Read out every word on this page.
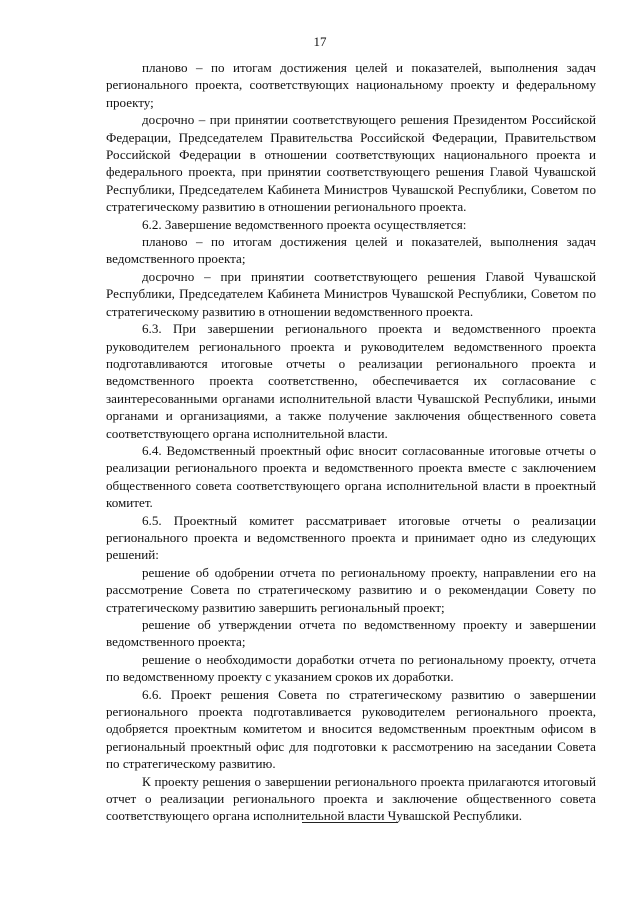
17

планово – по итогам достижения целей и показателей, выполнения задач регионального проекта, соответствующих национальному проекту и федеральному проекту;

досрочно – при принятии соответствующего решения Президентом Российской Федерации, Председателем Правительства Российской Федерации, Правительством Российской Федерации в отношении соответствующих национального проекта и федерального проекта, при принятии соответствующего решения Главой Чувашской Республики, Председателем Кабинета Министров Чувашской Республики, Советом по стратегическому развитию в отношении регионального проекта.

6.2. Завершение ведомственного проекта осуществляется:

планово – по итогам достижения целей и показателей, выполнения задач ведомственного проекта;

досрочно – при принятии соответствующего решения Главой Чувашской Республики, Председателем Кабинета Министров Чувашской Республики, Советом по стратегическому развитию в отношении ведомственного проекта.

6.3. При завершении регионального проекта и ведомственного проекта руководителем регионального проекта и руководителем ведомственного проекта подготавливаются итоговые отчеты о реализации регионального проекта и ведомственного проекта соответственно, обеспечивается их согласование с заинтересованными органами исполнительной власти Чувашской Республики, иными органами и организациями, а также получение заключения общественного совета соответствующего органа исполнительной власти.

6.4. Ведомственный проектный офис вносит согласованные итоговые отчеты о реализации регионального проекта и ведомственного проекта вместе с заключением общественного совета соответствующего органа исполнительной власти в проектный комитет.

6.5. Проектный комитет рассматривает итоговые отчеты о реализации регионального проекта и ведомственного проекта и принимает одно из следующих решений:

решение об одобрении отчета по региональному проекту, направлении его на рассмотрение Совета по стратегическому развитию и о рекомендации Совету по стратегическому развитию завершить региональный проект;

решение об утверждении отчета по ведомственному проекту и завершении ведомственного проекта;

решение о необходимости доработки отчета по региональному проекту, отчета по ведомственному проекту с указанием сроков их доработки.

6.6. Проект решения Совета по стратегическому развитию о завершении регионального проекта подготавливается руководителем регионального проекта, одобряется проектным комитетом и вносится ведомственным проектным офисом в региональный проектный офис для подготовки к рассмотрению на заседании Совета по стратегическому развитию.

К проекту решения о завершении регионального проекта прилагаются итоговый отчет о реализации регионального проекта и заключение общественного совета соответствующего органа исполнительной власти Чувашской Республики.
